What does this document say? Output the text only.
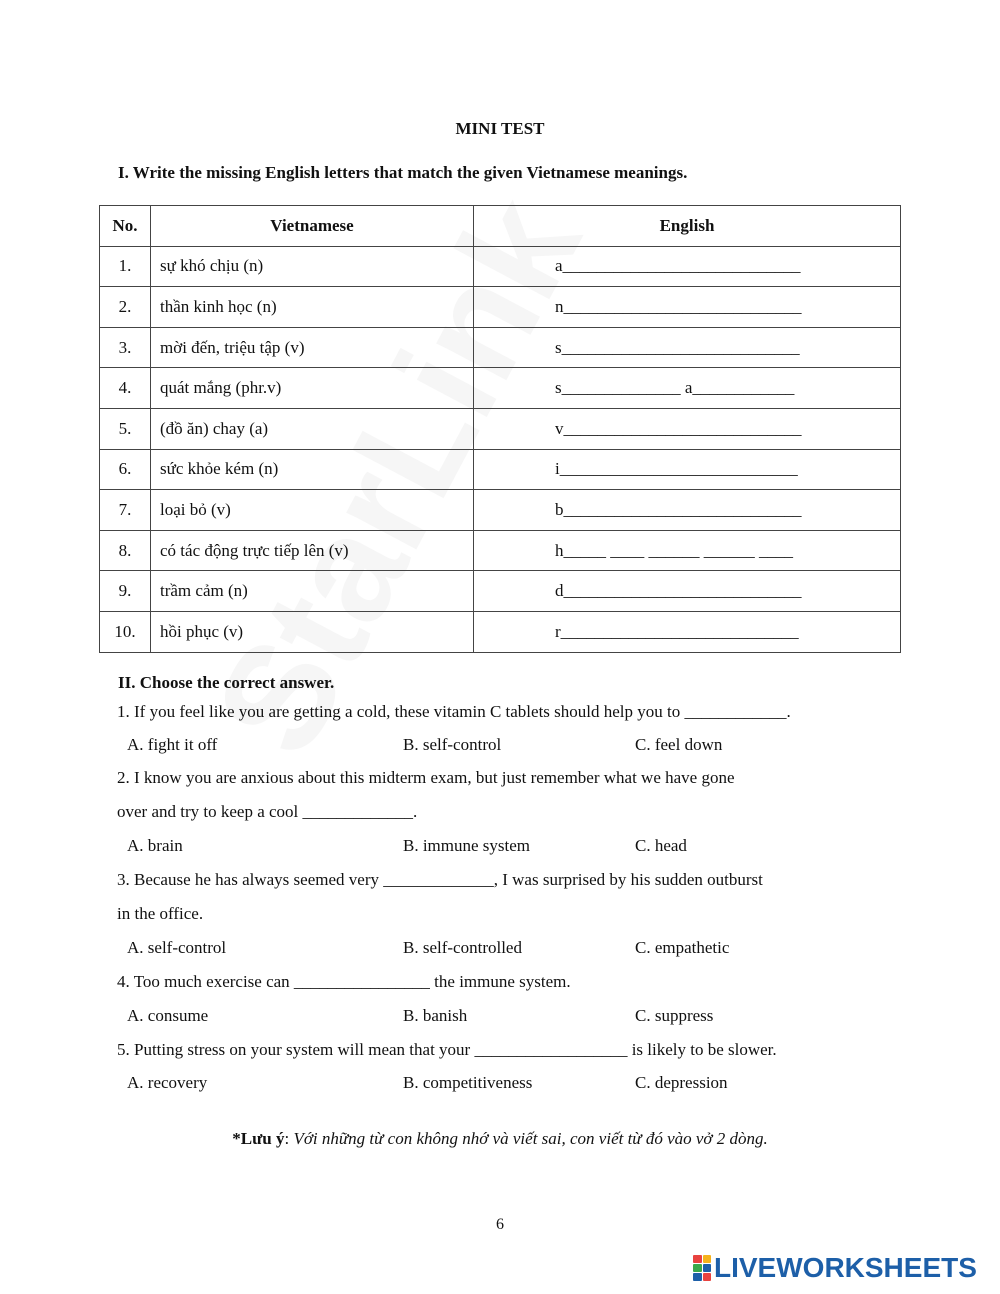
MINI TEST
I. Write the missing English letters that match the given Vietnamese meanings.
No.	Vietnamese	English
1.	sự khó chịu (n)	a____________________________
2.	thần kinh học (n)	n____________________________
3.	mời đến, triệu tập (v)	s____________________________
4.	quát mắng (phr.v)	s______________ a____________
5.	(đồ ăn) chay (a)	v____________________________
6.	sức khỏe kém (n)	i____________________________
7.	loại bỏ (v)	b____________________________
8.	có tác động trực tiếp lên (v)	h_____ ____ ______ ______ ____
9.	trầm cảm (n)	d____________________________
10.	hồi phục (v)	r____________________________
II. Choose the correct answer.
1. If you feel like you are getting a cold, these vitamin C tablets should help you to ____________.
A. fight it off	B. self-control	C. feel down
2. I know you are anxious about this midterm exam, but just remember what we have gone
over and try to keep a cool _____________.
A. brain	B. immune system	C. head
3. Because he has always seemed very _____________, I was surprised by his sudden outburst
in the office.
A. self-control	B. self-controlled	C. empathetic
4. Too much exercise can ________________ the immune system.
A. consume	B. banish	C. suppress
5. Putting stress on your system will mean that your __________________ is likely to be slower.
A. recovery	B. competitiveness	C. depression
*Lưu ý: Với những từ con không nhớ và viết sai, con viết từ đó vào vở 2 dòng.
6
LIVEWORKSHEETS
